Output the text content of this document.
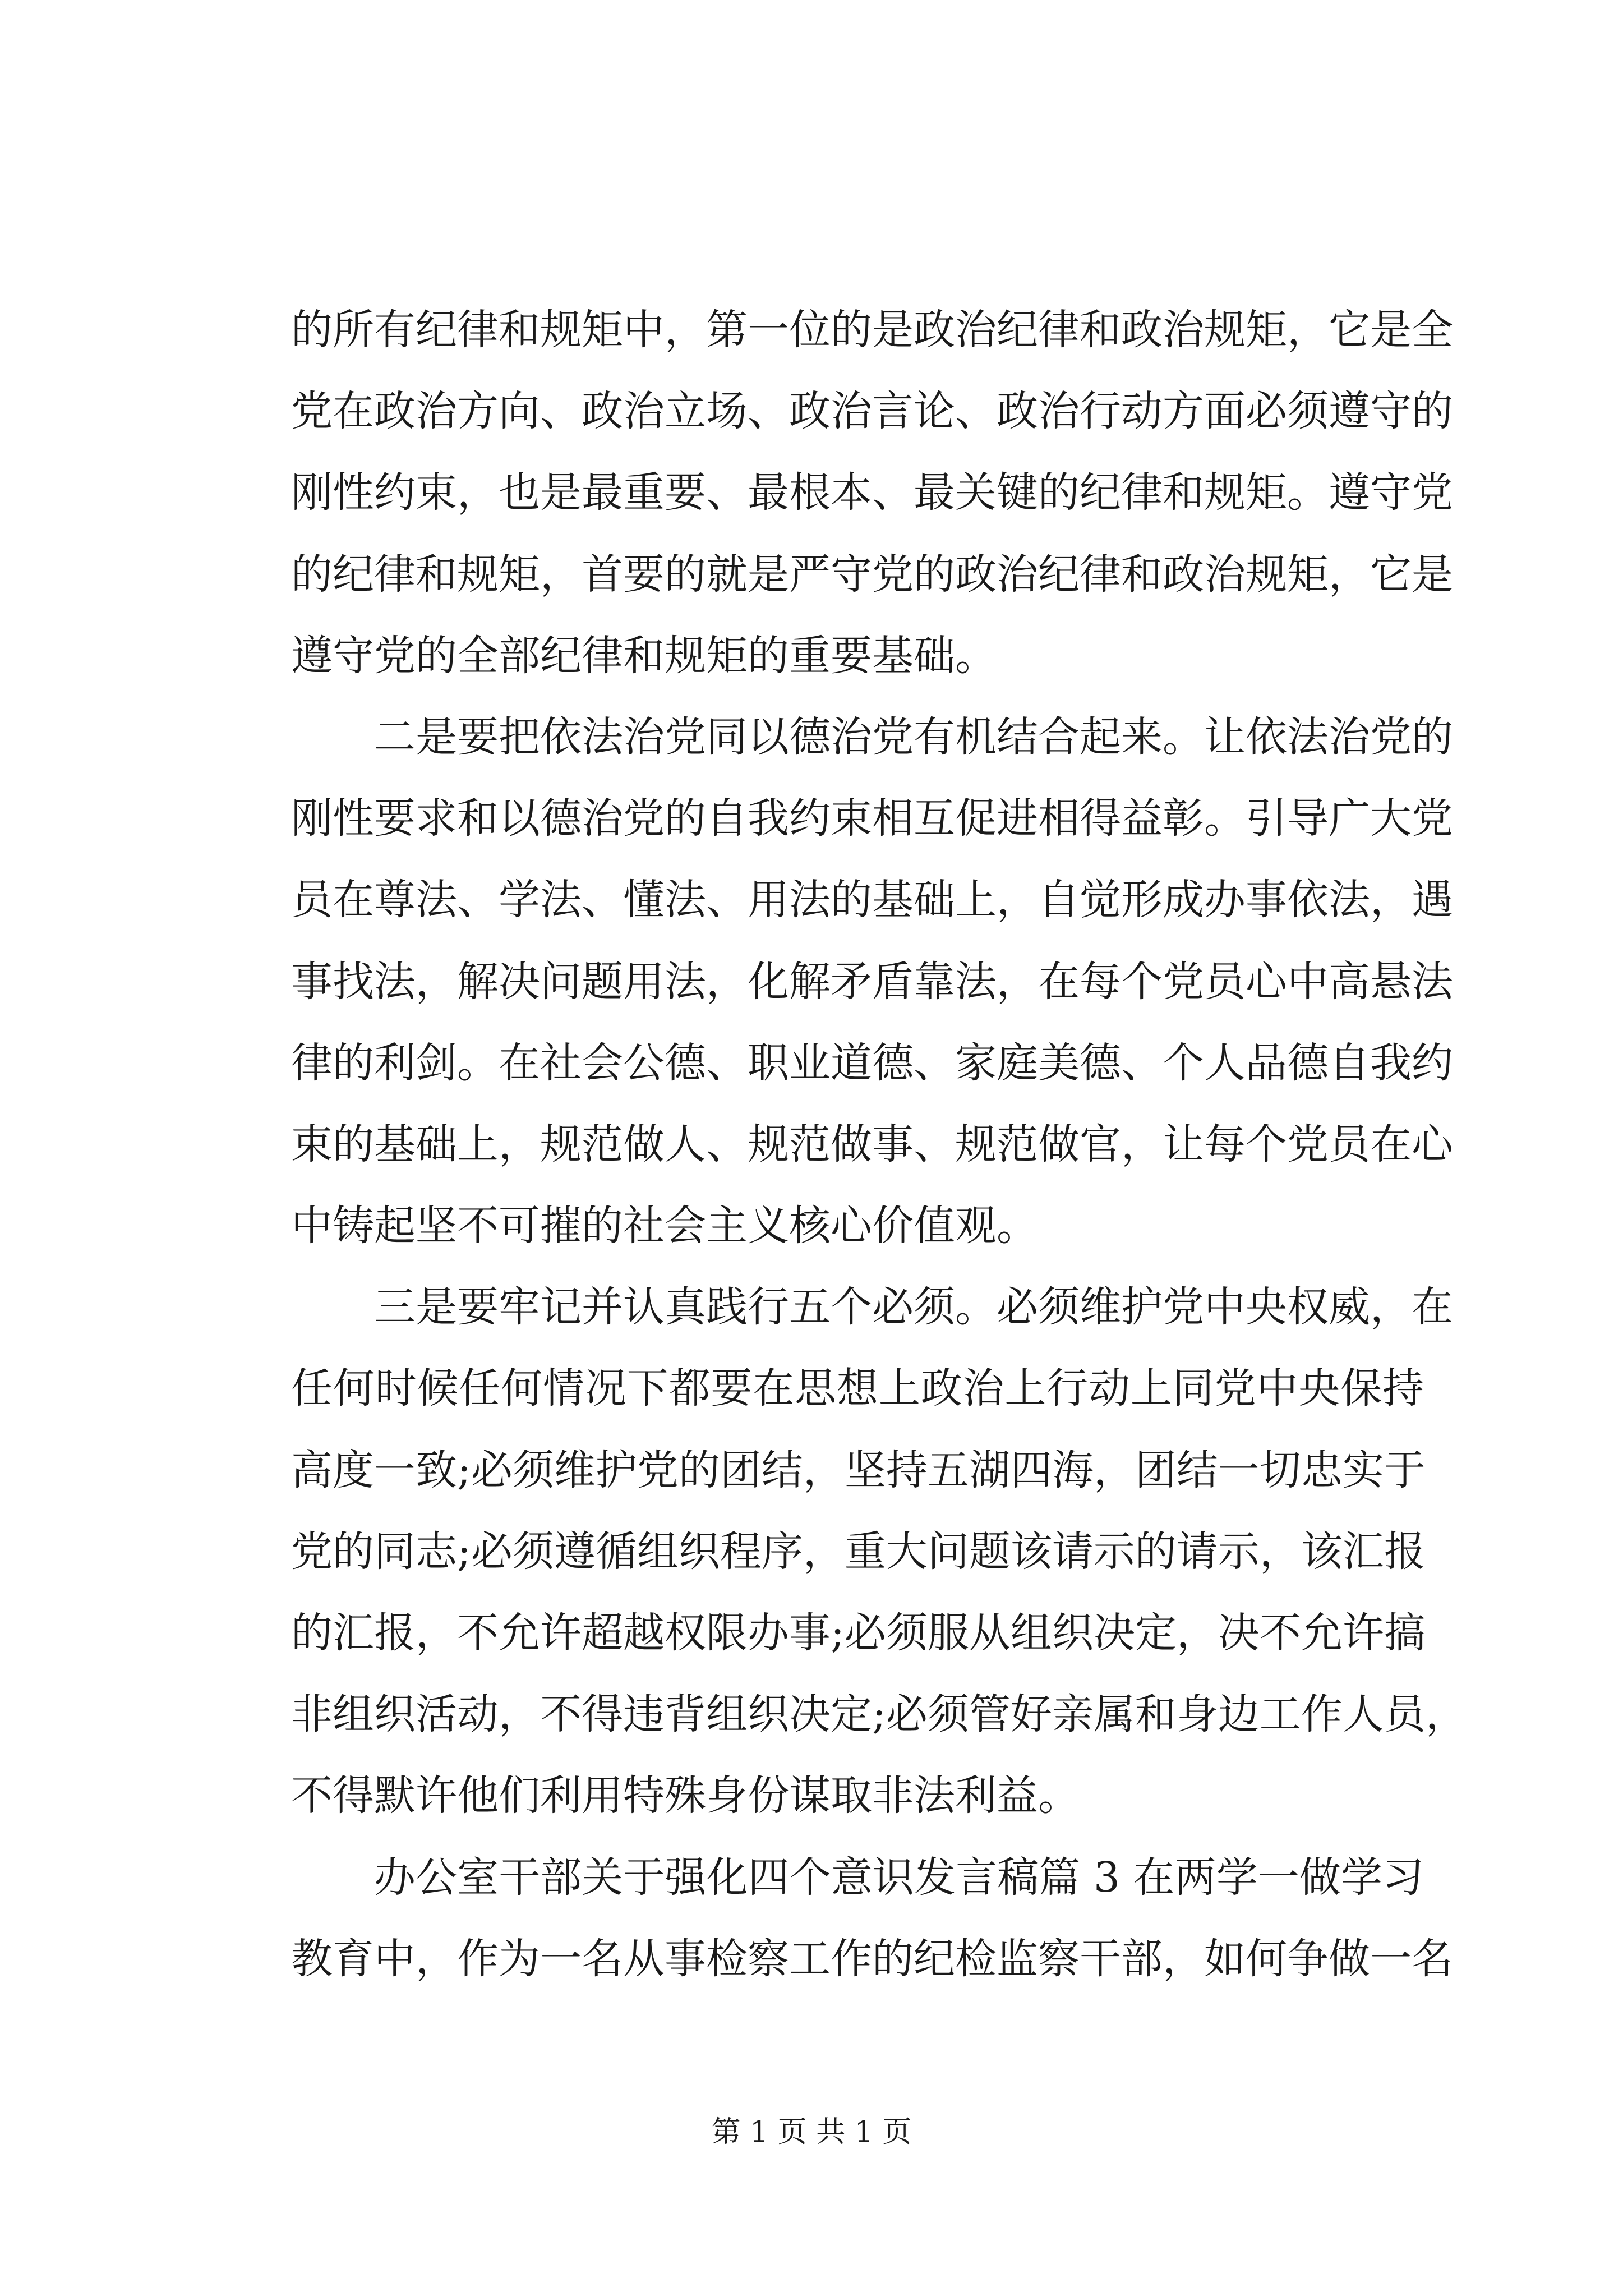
的所有纪律和规矩中，第一位的是政治纪律和政治规矩，它是全
党在政治方向、政治立场、政治言论、政治行动方面必须遵守的
刚性约束，也是最重要、最根本、最关键的纪律和规矩。遵守党
的纪律和规矩，首要的就是严守党的政治纪律和政治规矩，它是
遵守党的全部纪律和规矩的重要基础。
二是要把依法治党同以德治党有机结合起来。让依法治党的
刚性要求和以德治党的自我约束相互促进相得益彰。引导广大党
员在尊法、学法、懂法、用法的基础上，自觉形成办事依法，遇
事找法，解决问题用法，化解矛盾靠法，在每个党员心中高悬法
律的利剑。在社会公德、职业道德、家庭美德、个人品德自我约
束的基础上，规范做人、规范做事、规范做官，让每个党员在心
中铸起坚不可摧的社会主义核心价值观。
三是要牢记并认真践行五个必须。必须维护党中央权威，在
任何时候任何情况下都要在思想上政治上行动上同党中央保持
高度一致;必须维护党的团结，坚持五湖四海，团结一切忠实于
党的同志;必须遵循组织程序，重大问题该请示的请示，该汇报
的汇报，不允许超越权限办事;必须服从组织决定，决不允许搞
非组织活动，不得违背组织决定;必须管好亲属和身边工作人员，
不得默许他们利用特殊身份谋取非法利益。
办公室干部关于强化四个意识发言稿篇 3 在两学一做学习
教育中，作为一名从事检察工作的纪检监察干部，如何争做一名
第 1 页 共 1 页
